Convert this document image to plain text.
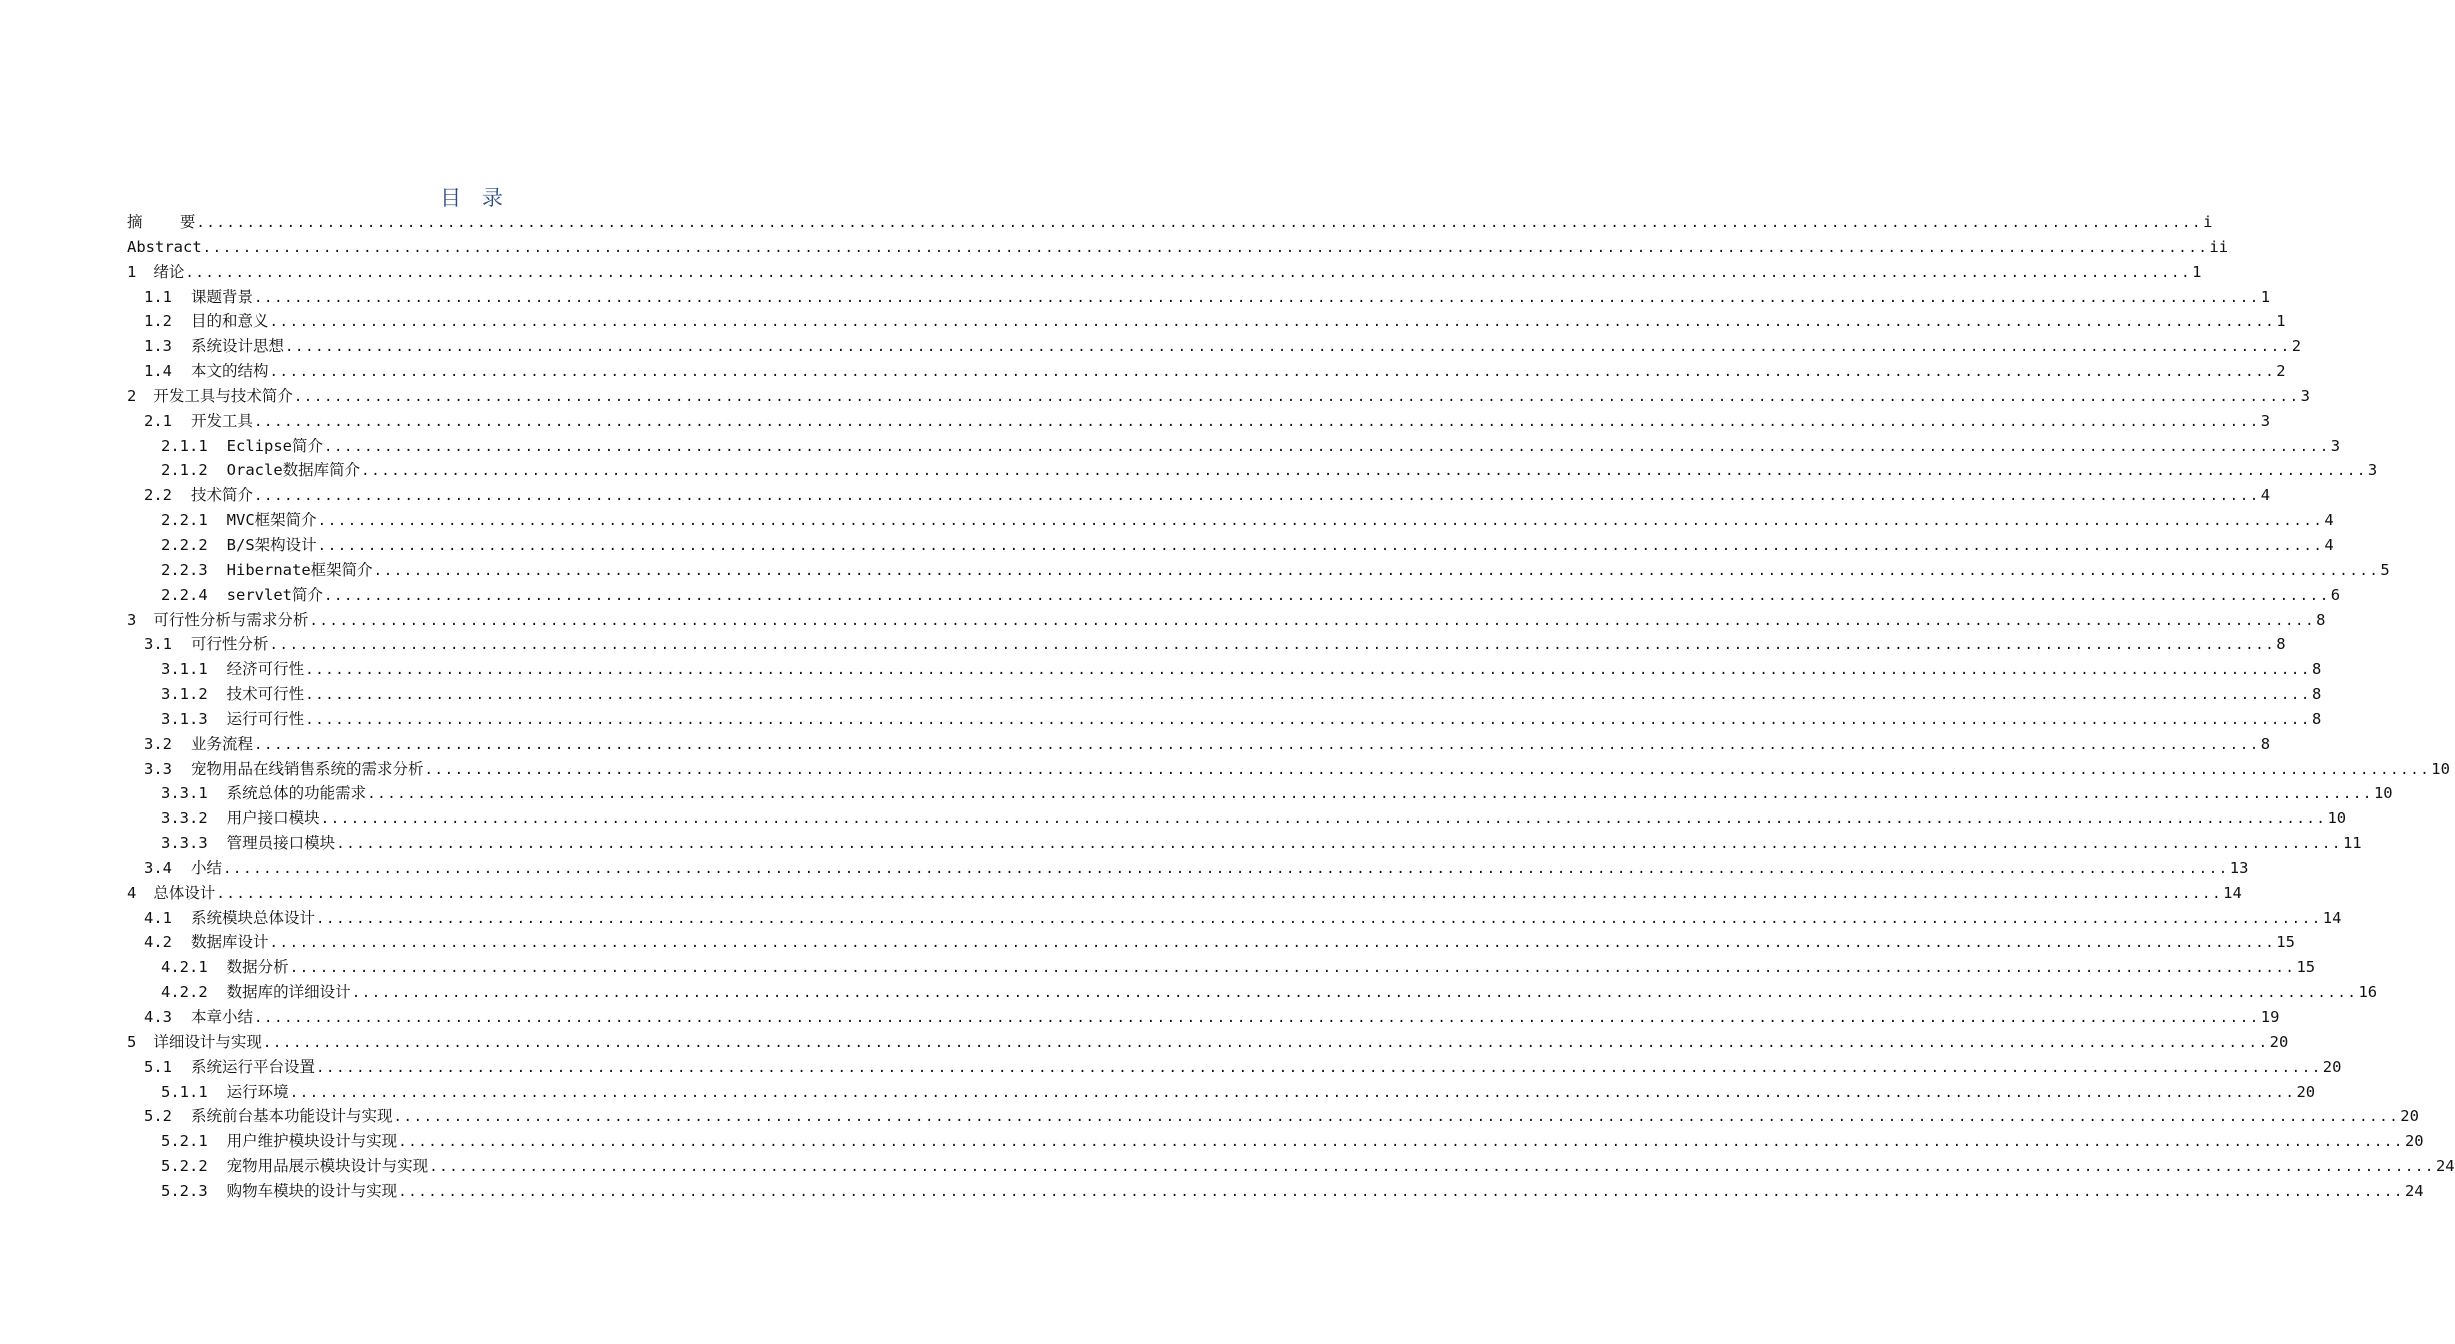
目 录
摘    要 ........................................................................................................................................................................................................ i
Abstract ........................................................................................................................................................................................................ ii
1 绪论 ........................................................................................................................................................................................................ 1
1.1 课题背景 ........................................................................................................................................................................................................ 1
1.2 目的和意义 ........................................................................................................................................................................................................ 1
1.3 系统设计思想 ........................................................................................................................................................................................................ 2
1.4 本文的结构 ........................................................................................................................................................................................................ 2
2 开发工具与技术简介 ........................................................................................................................................................................................................ 3
2.1 开发工具 ........................................................................................................................................................................................................ 3
2.1.1 Eclipse简介 ........................................................................................................................................................................................................ 3
2.1.2 Oracle数据库简介 ........................................................................................................................................................................................................ 3
2.2 技术简介 ........................................................................................................................................................................................................ 4
2.2.1 MVC框架简介 ........................................................................................................................................................................................................ 4
2.2.2 B/S架构设计 ........................................................................................................................................................................................................ 4
2.2.3 Hibernate框架简介 ........................................................................................................................................................................................................ 5
2.2.4 servlet简介 ........................................................................................................................................................................................................ 6
3 可行性分析与需求分析 ........................................................................................................................................................................................................ 8
3.1 可行性分析 ........................................................................................................................................................................................................ 8
3.1.1 经济可行性 ........................................................................................................................................................................................................ 8
3.1.2 技术可行性 ........................................................................................................................................................................................................ 8
3.1.3 运行可行性 ........................................................................................................................................................................................................ 8
3.2 业务流程 ........................................................................................................................................................................................................ 8
3.3 宠物用品在线销售系统的需求分析 ........................................................................................................................................................................................................ 10
3.3.1 系统总体的功能需求 ........................................................................................................................................................................................................ 10
3.3.2 用户接口模块 ........................................................................................................................................................................................................ 10
3.3.3 管理员接口模块 ........................................................................................................................................................................................................ 11
3.4 小结 ........................................................................................................................................................................................................ 13
4 总体设计 ........................................................................................................................................................................................................ 14
4.1 系统模块总体设计 ........................................................................................................................................................................................................ 14
4.2 数据库设计 ........................................................................................................................................................................................................ 15
4.2.1 数据分析 ........................................................................................................................................................................................................ 15
4.2.2 数据库的详细设计 ........................................................................................................................................................................................................ 16
4.3 本章小结 ........................................................................................................................................................................................................ 19
5 详细设计与实现 ........................................................................................................................................................................................................ 20
5.1 系统运行平台设置 ........................................................................................................................................................................................................ 20
5.1.1 运行环境 ........................................................................................................................................................................................................ 20
5.2 系统前台基本功能设计与实现 ........................................................................................................................................................................................................ 20
5.2.1 用户维护模块设计与实现 ........................................................................................................................................................................................................ 20
5.2.2 宠物用品展示模块设计与实现 ........................................................................................................................................................................................................ 24
5.2.3 购物车模块的设计与实现 ........................................................................................................................................................................................................ 24
